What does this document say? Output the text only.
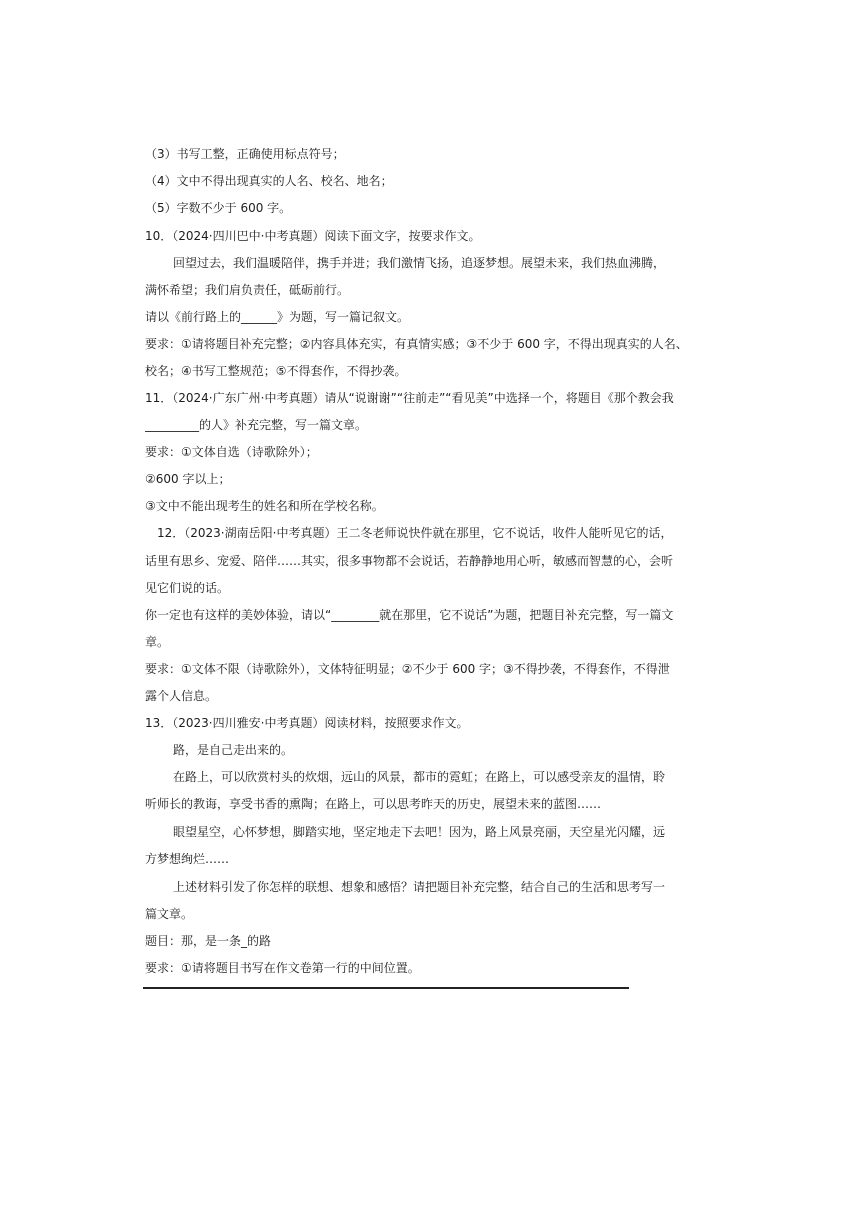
（3）书写工整，正确使用标点符号；
（4）文中不得出现真实的人名、校名、地名；
（5）字数不少于 600 字。
10．（2024·四川巴中·中考真题）阅读下面文字，按要求作文。
回望过去，我们温暖陪伴，携手并进；我们激情飞扬，追逐梦想。展望未来，我们热血沸腾，
满怀希望；我们肩负责任，砥砺前行。
请以《前行路上的______》为题，写一篇记叙文。
要求：①请将题目补充完整；②内容具体充实，有真情实感；③不少于 600 字，不得出现真实的人名、
校名；④书写工整规范；⑤不得套作，不得抄袭。
11．（2024·广东广州·中考真题）请从“说谢谢”“往前走”“看见美”中选择一个，将题目《那个教会我
_________的人》补充完整，写一篇文章。
要求：①文体自选（诗歌除外）；
②600 字以上；
③文中不能出现考生的姓名和所在学校名称。
12．（2023·湖南岳阳·中考真题）王二冬老师说快件就在那里，它不说话，收件人能听见它的话，
话里有思乡、宠爱、陪伴……其实，很多事物都不会说话，若静静地用心听，敏感而智慧的心，会听
见它们说的话。
你一定也有这样的美妙体验，请以“________就在那里，它不说话”为题，把题目补充完整，写一篇文
章。
要求：①文体不限（诗歌除外），文体特征明显；②不少于 600 字；③不得抄袭，不得套作，不得泄
露个人信息。
13．（2023·四川雅安·中考真题）阅读材料，按照要求作文。
路，是自己走出来的。
在路上，可以欣赏村头的炊烟，远山的风景，都市的霓虹；在路上，可以感受亲友的温情，聆
听师长的教诲，享受书香的熏陶；在路上，可以思考昨天的历史，展望未来的蓝图……
眼望星空，心怀梦想，脚踏实地，坚定地走下去吧！因为，路上风景亮丽，天空星光闪耀，远
方梦想绚烂……
上述材料引发了你怎样的联想、想象和感悟？请把题目补充完整，结合自己的生活和思考写一
篇文章。
题目：那，是一条_的路
要求：①请将题目书写在作文卷第一行的中间位置。
